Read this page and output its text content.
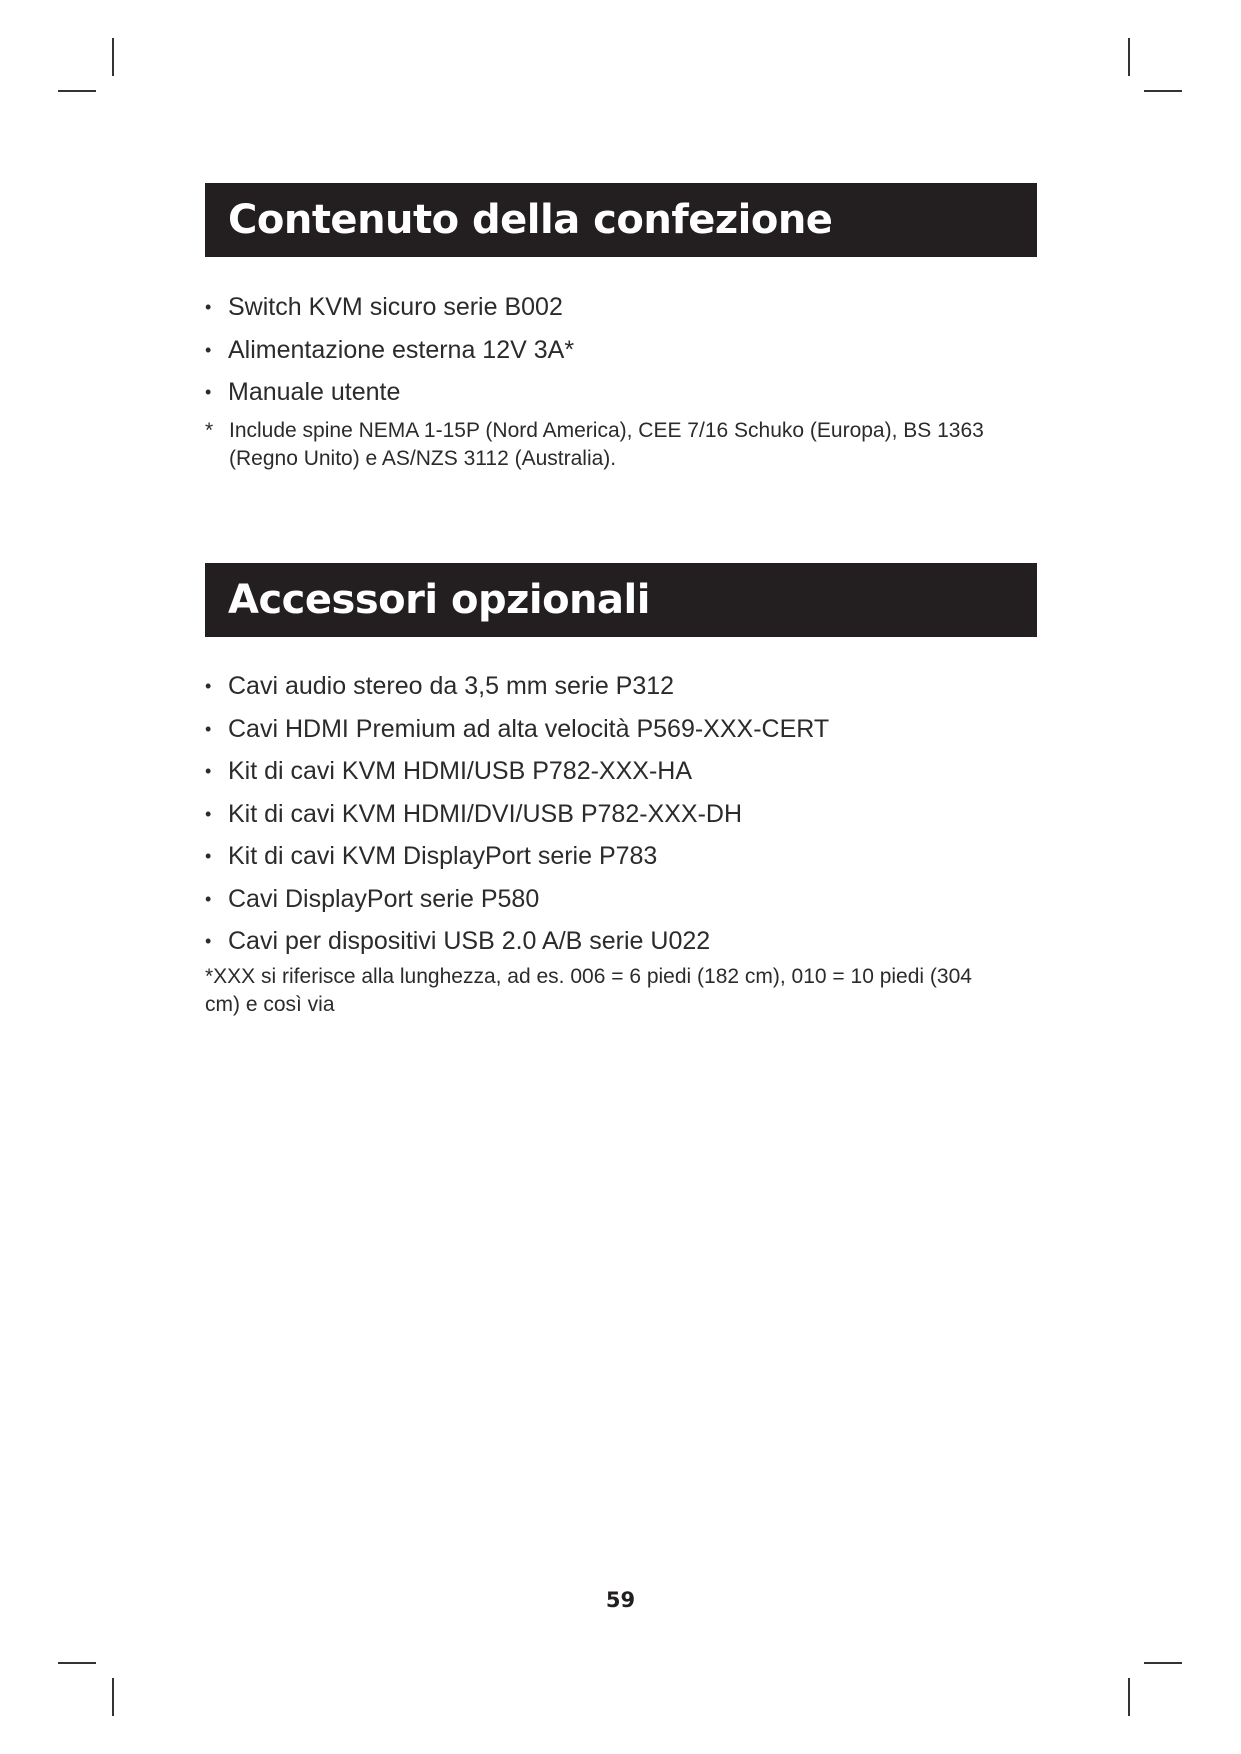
Contenuto della confezione
• Switch KVM sicuro serie B002
• Alimentazione esterna 12V 3A*
• Manuale utente
* Include spine NEMA 1-15P (Nord America), CEE 7/16 Schuko (Europa), BS 1363 (Regno Unito) e AS/NZS 3112 (Australia).
Accessori opzionali
• Cavi audio stereo da 3,5 mm serie P312
• Cavi HDMI Premium ad alta velocità P569-XXX-CERT
• Kit di cavi KVM HDMI/USB P782-XXX-HA
• Kit di cavi KVM HDMI/DVI/USB P782-XXX-DH
• Kit di cavi KVM DisplayPort serie P783
• Cavi DisplayPort serie P580
• Cavi per dispositivi USB 2.0 A/B serie U022
*XXX si riferisce alla lunghezza, ad es. 006 = 6 piedi (182 cm), 010 = 10 piedi (304 cm) e così via
59
